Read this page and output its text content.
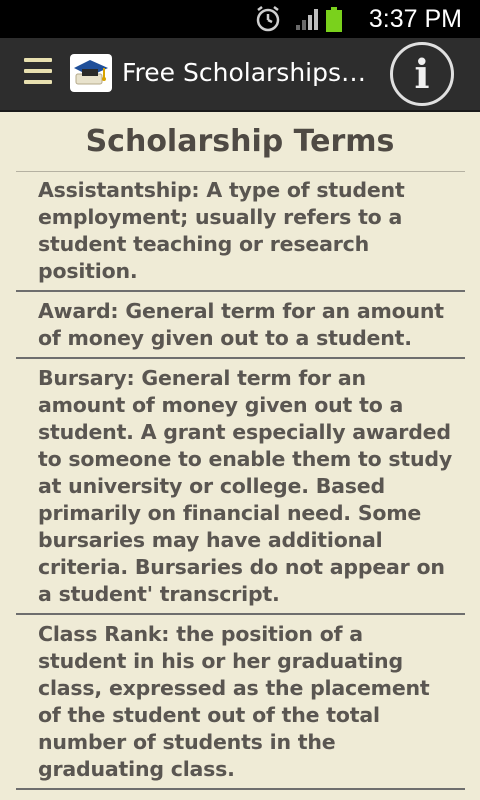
3:37 PM
Free Scholarships… i
Scholarship Terms
Assistantship: A type of student employment; usually refers to a student teaching or research position.
Award: General term for an amount of money given out to a student.
Bursary: General term for an amount of money given out to a student. A grant especially awarded to someone to enable them to study at university or college. Based primarily on financial need. Some bursaries may have additional criteria. Bursaries do not appear on a student' transcript.
Class Rank: the position of a student in his or her graduating class, expressed as the placement of the student out of the total number of students in the graduating class.
